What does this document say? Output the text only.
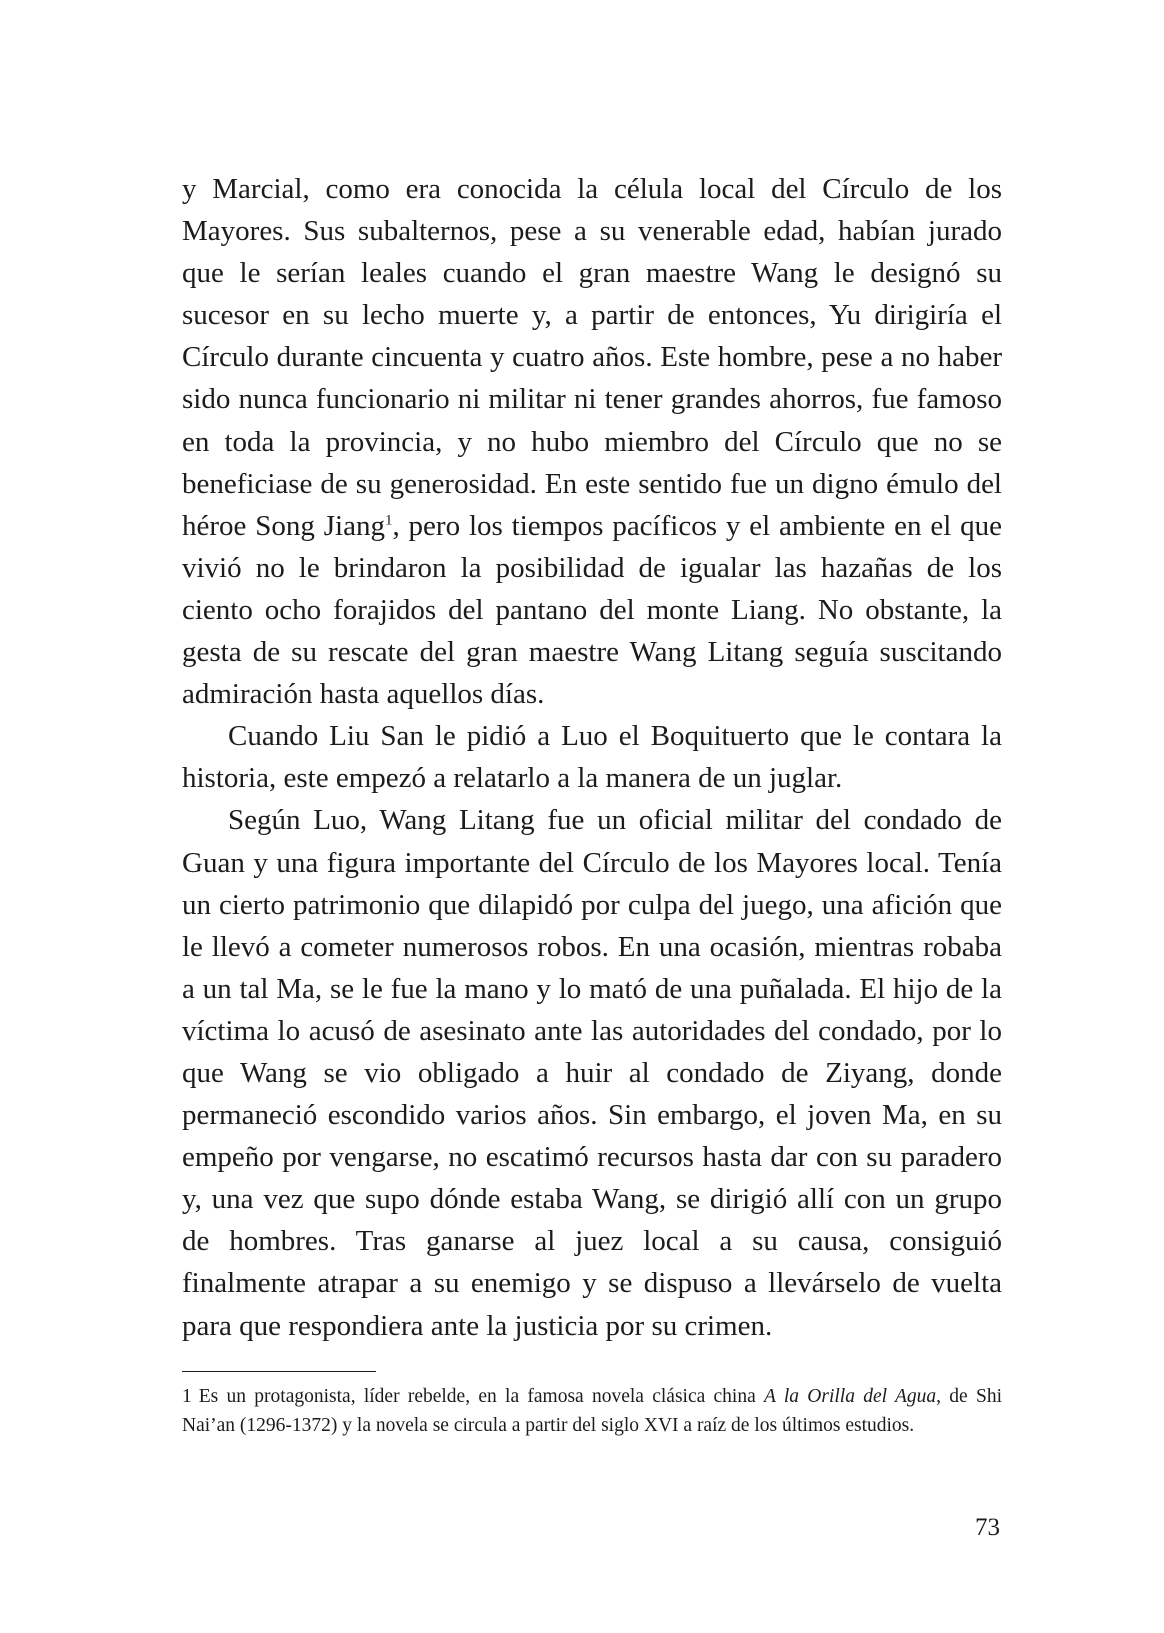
y Marcial, como era conocida la célula local del Círculo de los Mayores. Sus subalternos, pese a su venerable edad, habían jurado que le serían leales cuando el gran maestre Wang le designó su sucesor en su lecho muerte y, a partir de entonces, Yu dirigiría el Círculo durante cincuenta y cuatro años. Este hombre, pese a no haber sido nunca funcionario ni militar ni tener grandes ahorros, fue famoso en toda la provincia, y no hubo miembro del Círculo que no se beneficiase de su generosidad. En este sentido fue un digno émulo del héroe Song Jiang$^1$, pero los tiempos pacíficos y el ambiente en el que vivió no le brindaron la posibilidad de igualar las hazañas de los ciento ocho forajidos del pantano del monte Liang. No obstante, la gesta de su rescate del gran maestre Wang Litang seguía suscitando admiración hasta aquellos días.

Cuando Liu San le pidió a Luo el Boquituerto que le contara la historia, este empezó a relatarlo a la manera de un juglar.

Según Luo, Wang Litang fue un oficial militar del condado de Guan y una figura importante del Círculo de los Mayores local. Tenía un cierto patrimonio que dilapidó por culpa del juego, una afición que le llevó a cometer numerosos robos. En una ocasión, mientras robaba a un tal Ma, se le fue la mano y lo mató de una puñalada. El hijo de la víctima lo acusó de asesinato ante las autoridades del condado, por lo que Wang se vio obligado a huir al condado de Ziyang, donde permaneció escondido varios años. Sin embargo, el joven Ma, en su empeño por vengarse, no escatimó recursos hasta dar con su paradero y, una vez que supo dónde estaba Wang, se dirigió allí con un grupo de hombres. Tras ganarse al juez local a su causa, consiguió finalmente atrapar a su enemigo y se dispuso a llevárselo de vuelta para que respondiera ante la justicia por su crimen.

1 Es un protagonista, líder rebelde, en la famosa novela clásica china A la Orilla del Agua, de Shi Nai’an (1296-1372) y la novela se circula a partir del siglo XVI a raíz de los últimos estudios.

73
